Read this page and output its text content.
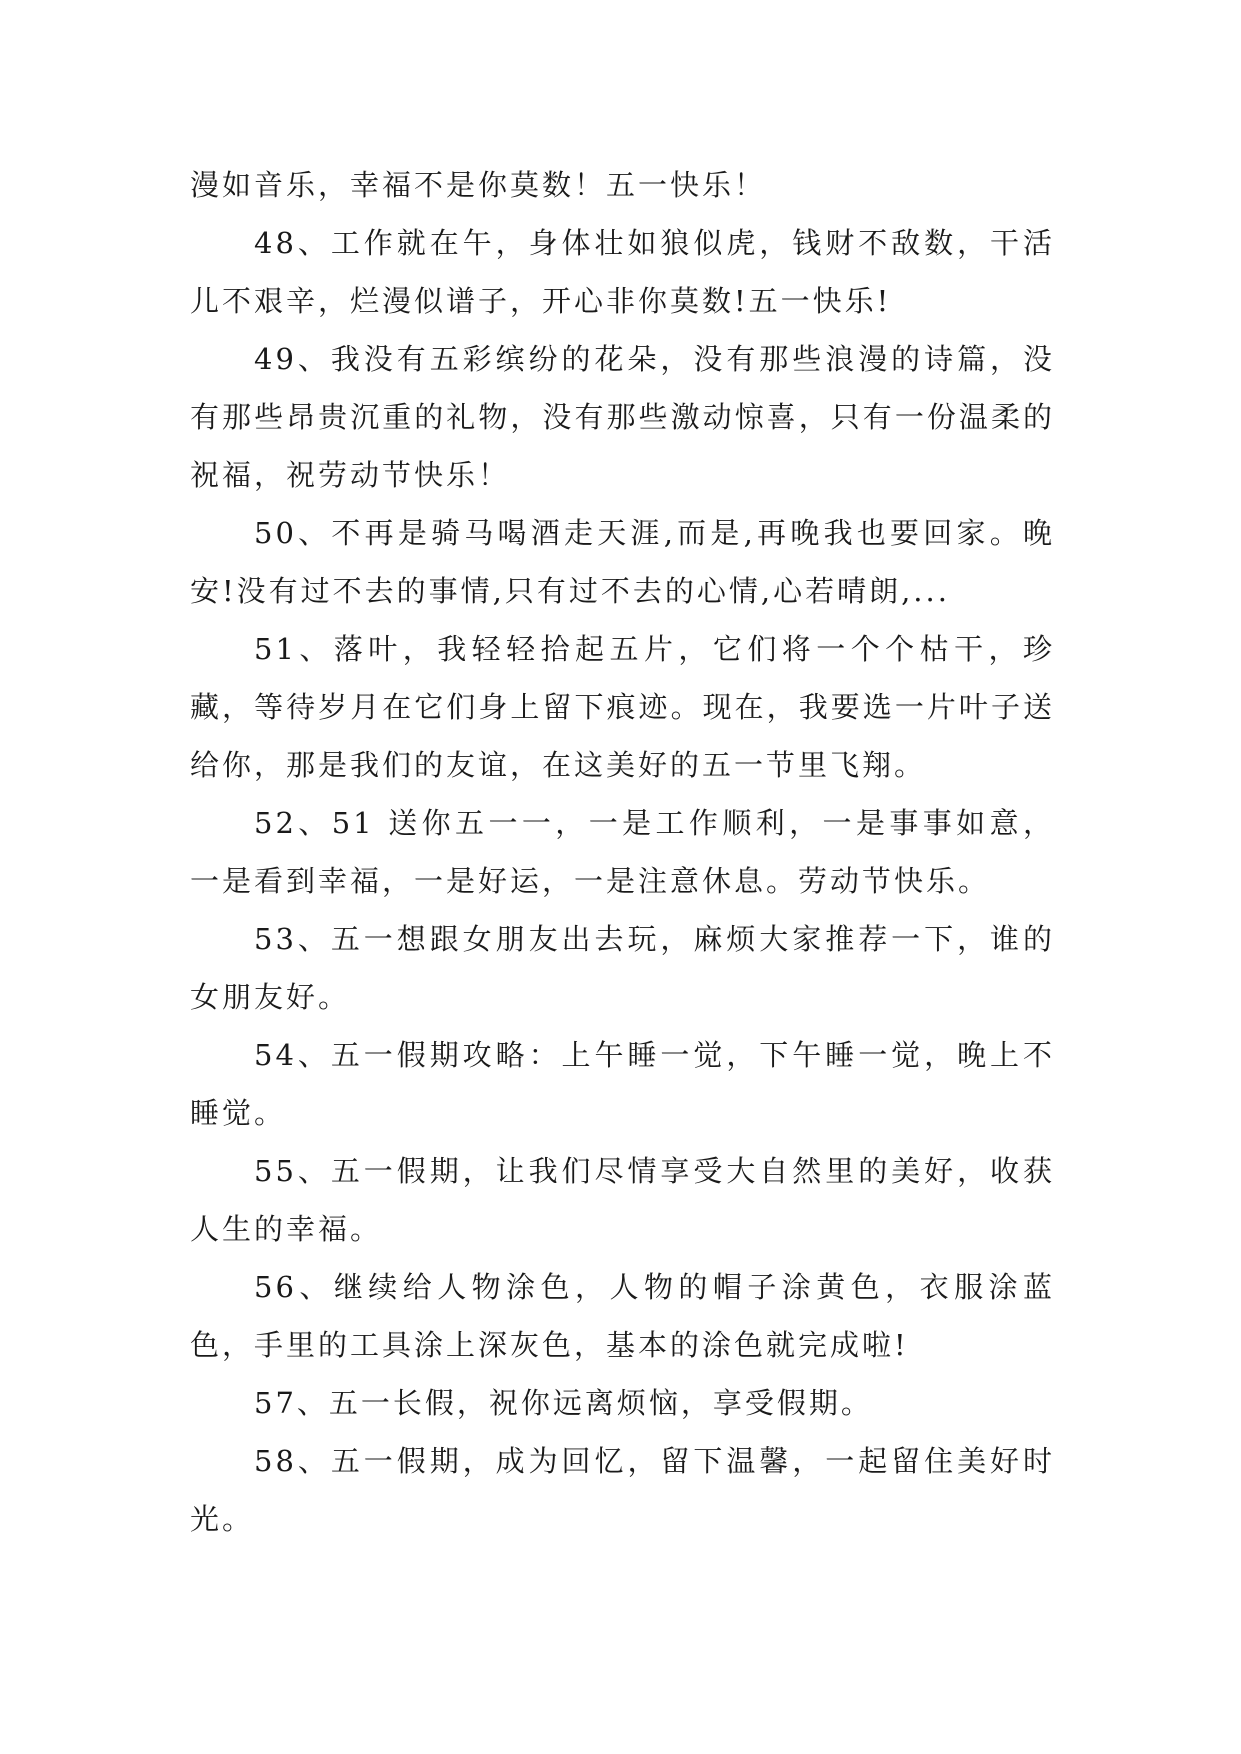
漫如音乐，幸福不是你莫数！五一快乐！

48、工作就在午，身体壮如狼似虎，钱财不敌数，干活儿不艰辛，烂漫似谱子，开心非你莫数!五一快乐!

49、我没有五彩缤纷的花朵，没有那些浪漫的诗篇，没有那些昂贵沉重的礼物，没有那些激动惊喜，只有一份温柔的祝福，祝劳动节快乐！

50、不再是骑马喝酒走天涯,而是,再晚我也要回家。晚安!没有过不去的事情,只有过不去的心情,心若晴朗,...

51、落叶，我轻轻拾起五片，它们将一个个枯干，珍藏，等待岁月在它们身上留下痕迹。现在，我要选一片叶子送给你，那是我们的友谊，在这美好的五一节里飞翔。

52、51 送你五一一，一是工作顺利，一是事事如意，一是看到幸福，一是好运，一是注意休息。劳动节快乐。

53、五一想跟女朋友出去玩，麻烦大家推荐一下，谁的女朋友好。

54、五一假期攻略：上午睡一觉，下午睡一觉，晚上不睡觉。

55、五一假期，让我们尽情享受大自然里的美好，收获人生的幸福。

56、继续给人物涂色，人物的帽子涂黄色，衣服涂蓝色，手里的工具涂上深灰色，基本的涂色就完成啦!

57、五一长假，祝你远离烦恼，享受假期。

58、五一假期，成为回忆，留下温馨，一起留住美好时光。
